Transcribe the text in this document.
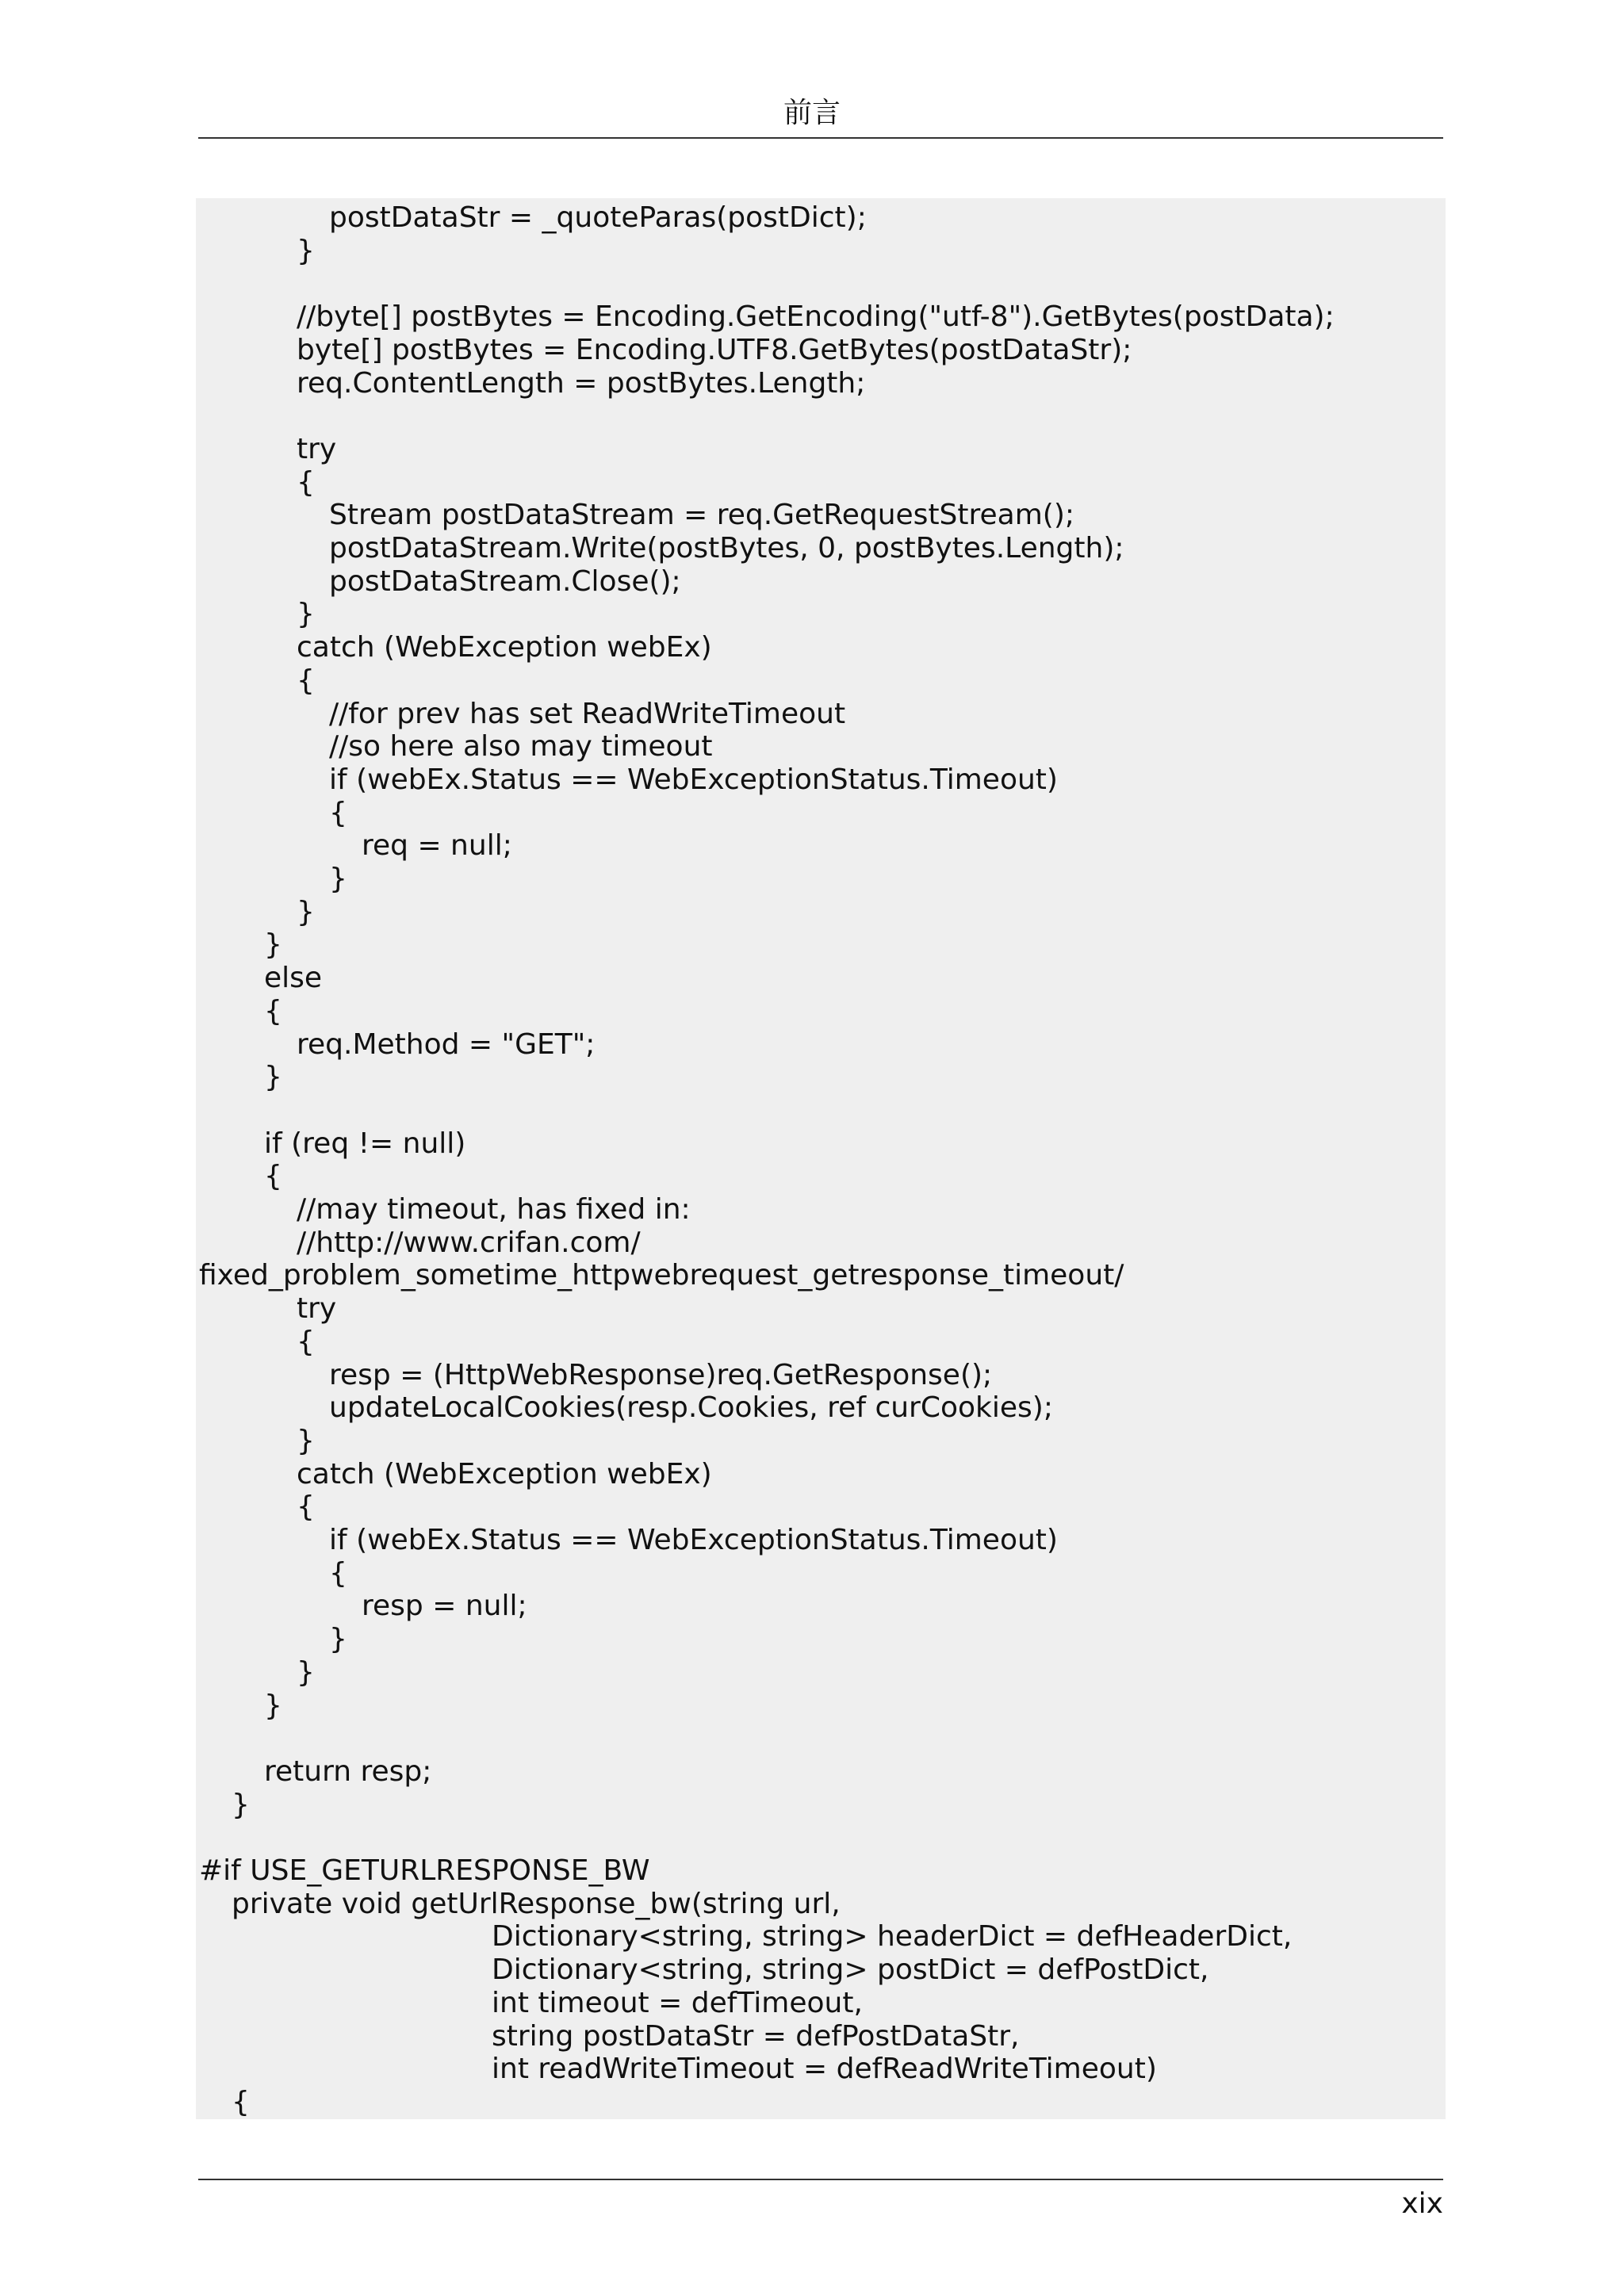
前言
postDataStr = _quoteParas(postDict);
}
//byte[] postBytes = Encoding.GetEncoding("utf-8").GetBytes(postData);
byte[] postBytes = Encoding.UTF8.GetBytes(postDataStr);
req.ContentLength = postBytes.Length;
try
{
Stream postDataStream = req.GetRequestStream();
postDataStream.Write(postBytes, 0, postBytes.Length);
postDataStream.Close();
}
catch (WebException webEx)
{
//for prev has set ReadWriteTimeout
//so here also may timeout
if (webEx.Status == WebExceptionStatus.Timeout)
{
req = null;
}
}
}
else
{
req.Method = "GET";
}
if (req != null)
{
//may timeout, has fixed in:
//http://www.crifan.com/
fixed_problem_sometime_httpwebrequest_getresponse_timeout/
try
{
resp = (HttpWebResponse)req.GetResponse();
updateLocalCookies(resp.Cookies, ref curCookies);
}
catch (WebException webEx)
{
if (webEx.Status == WebExceptionStatus.Timeout)
{
resp = null;
}
}
}
return resp;
}
#if USE_GETURLRESPONSE_BW
private void getUrlResponse_bw(string url,
Dictionary<string, string> headerDict = defHeaderDict,
Dictionary<string, string> postDict = defPostDict,
int timeout = defTimeout,
string postDataStr = defPostDataStr,
int readWriteTimeout = defReadWriteTimeout)
{
xix
